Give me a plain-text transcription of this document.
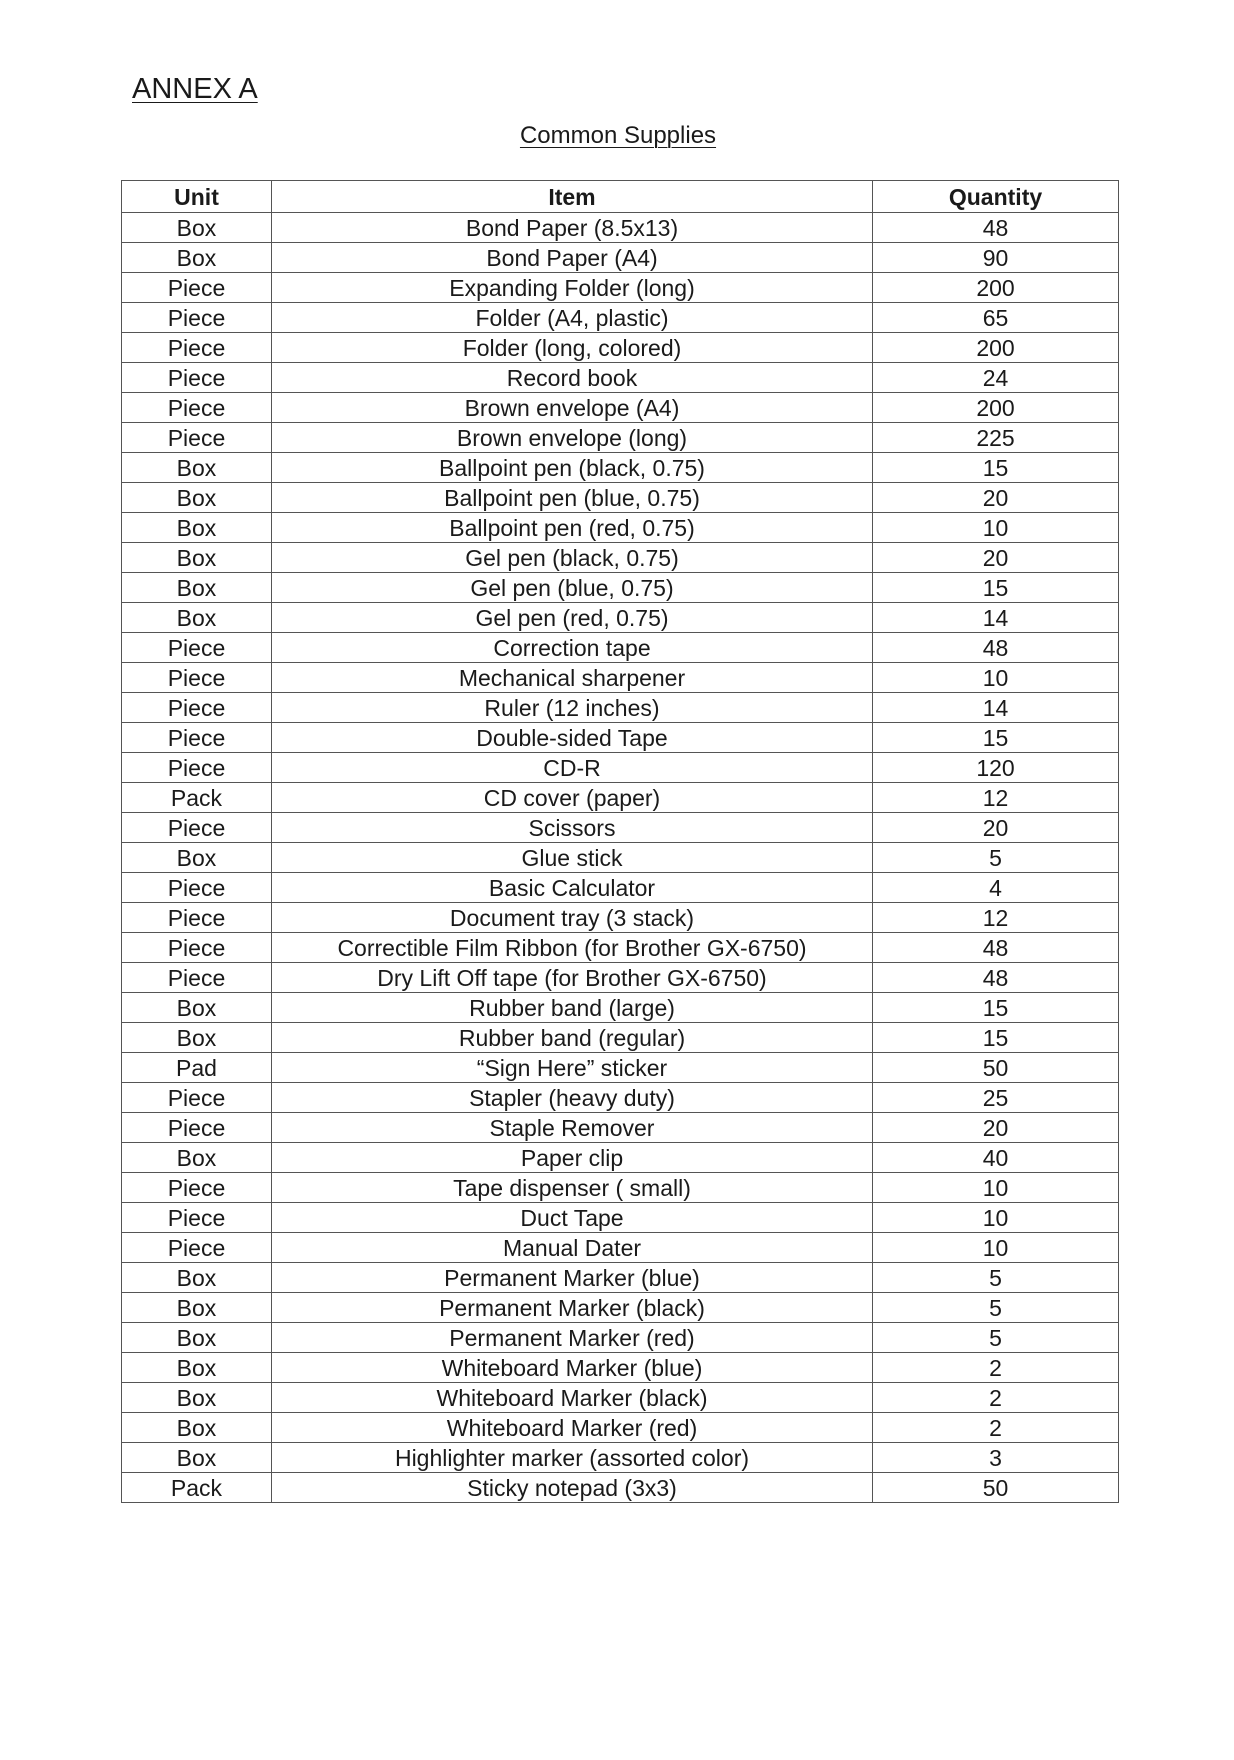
ANNEX A
Common Supplies
Unit	Item	Quantity
Box	Bond Paper (8.5x13)	48
Box	Bond Paper (A4)	90
Piece	Expanding Folder (long)	200
Piece	Folder (A4, plastic)	65
Piece	Folder (long, colored)	200
Piece	Record book	24
Piece	Brown envelope (A4)	200
Piece	Brown envelope (long)	225
Box	Ballpoint pen (black, 0.75)	15
Box	Ballpoint pen (blue, 0.75)	20
Box	Ballpoint pen (red, 0.75)	10
Box	Gel pen (black, 0.75)	20
Box	Gel pen (blue, 0.75)	15
Box	Gel pen (red, 0.75)	14
Piece	Correction tape	48
Piece	Mechanical sharpener	10
Piece	Ruler (12 inches)	14
Piece	Double-sided Tape	15
Piece	CD-R	120
Pack	CD cover (paper)	12
Piece	Scissors	20
Box	Glue stick	5
Piece	Basic Calculator	4
Piece	Document tray (3 stack)	12
Piece	Correctible Film Ribbon (for Brother GX-6750)	48
Piece	Dry Lift Off tape (for Brother GX-6750)	48
Box	Rubber band (large)	15
Box	Rubber band (regular)	15
Pad	“Sign Here” sticker	50
Piece	Stapler (heavy duty)	25
Piece	Staple Remover	20
Box	Paper clip	40
Piece	Tape dispenser ( small)	10
Piece	Duct Tape	10
Piece	Manual Dater	10
Box	Permanent Marker (blue)	5
Box	Permanent Marker (black)	5
Box	Permanent Marker (red)	5
Box	Whiteboard Marker (blue)	2
Box	Whiteboard Marker (black)	2
Box	Whiteboard Marker (red)	2
Box	Highlighter marker (assorted color)	3
Pack	Sticky notepad (3x3)	50
